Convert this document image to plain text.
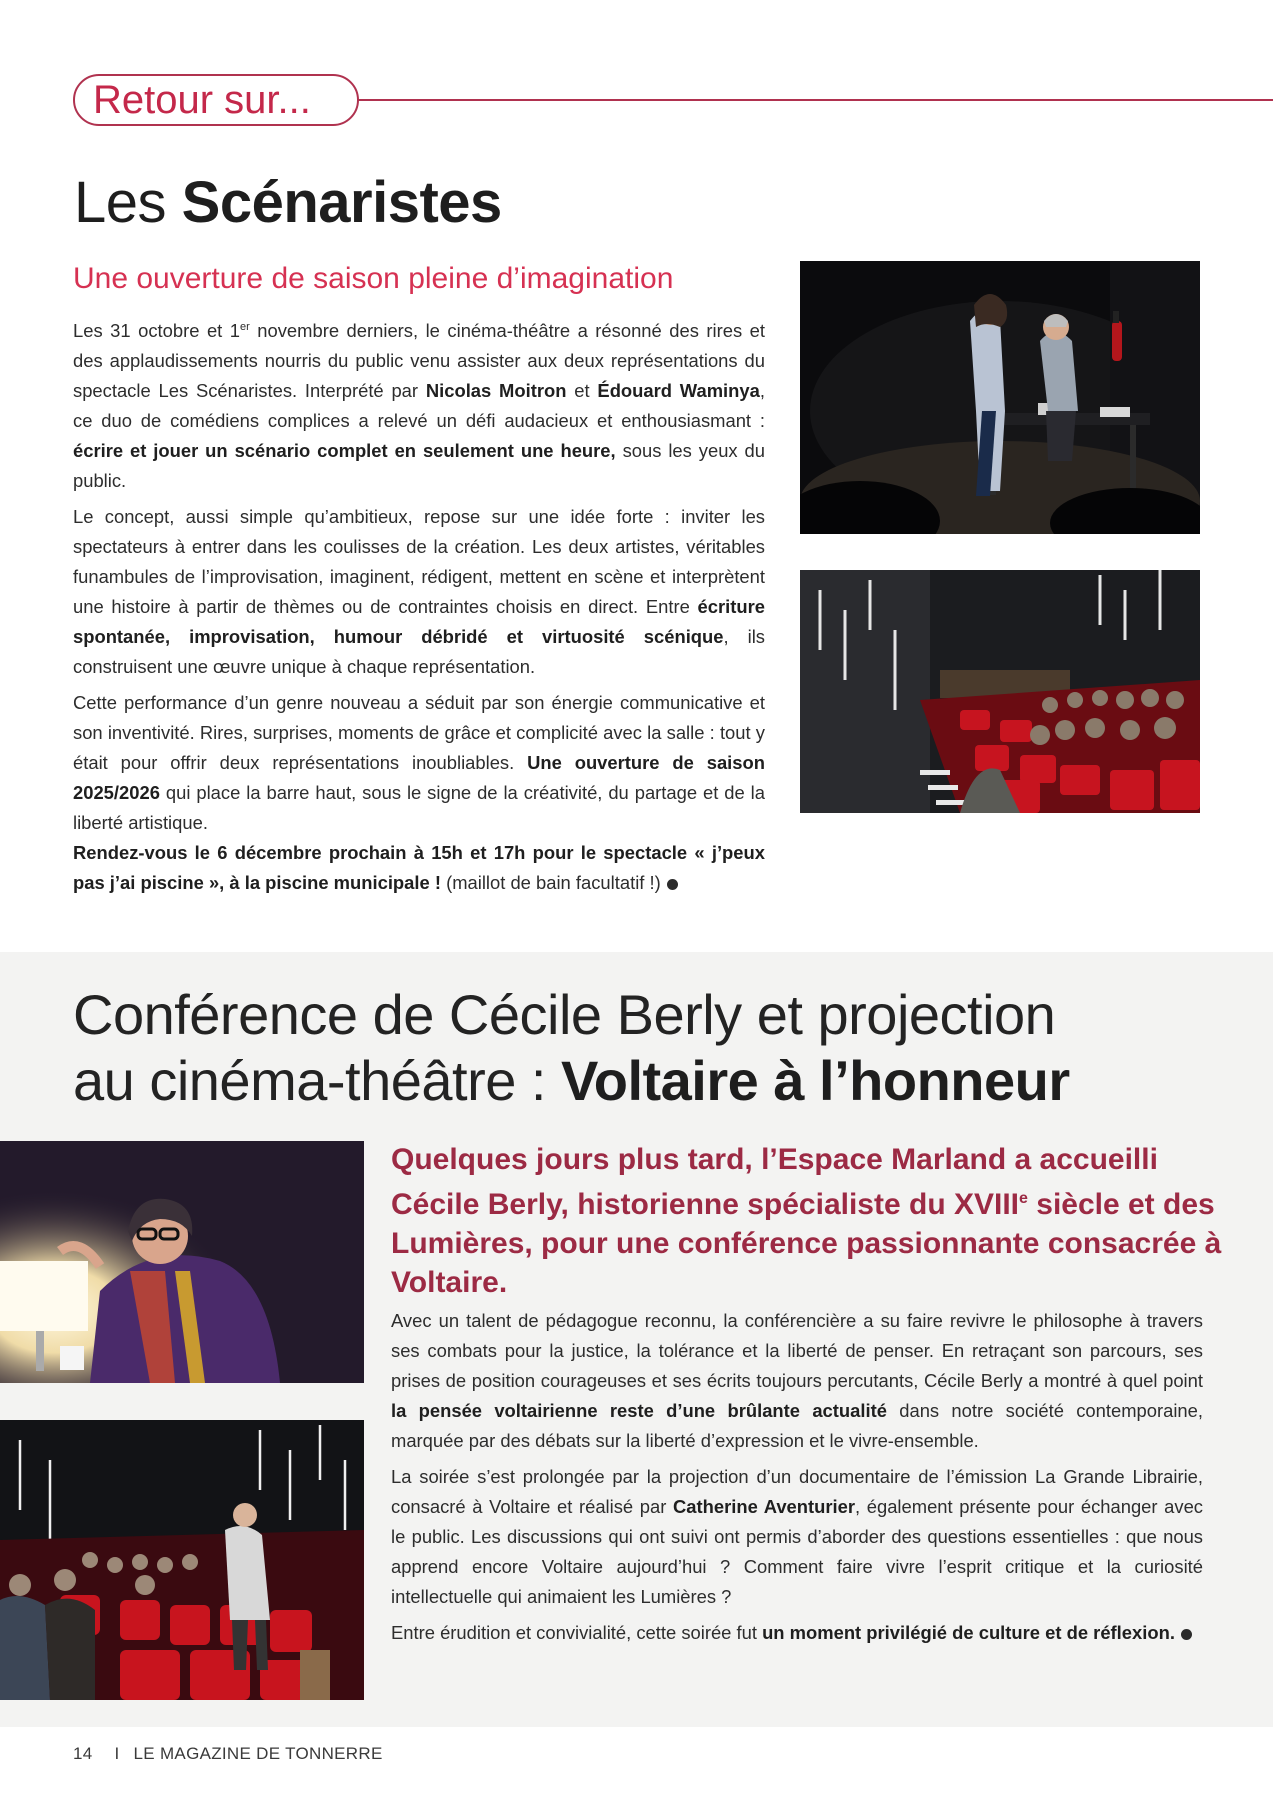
Retour sur...
Les Scénaristes
Une ouverture de saison pleine d’imagination

Les 31 octobre et 1er novembre derniers, le cinéma-théâtre a résonné des rires et des applaudissements nourris du public venu assister aux deux représentations du spectacle Les Scénaristes. Interprété par Nicolas Moitron et Édouard Waminya, ce duo de comédiens complices a relevé un défi audacieux et enthousiasmant : écrire et jouer un scénario complet en seulement une heure, sous les yeux du public.

Le concept, aussi simple qu’ambitieux, repose sur une idée forte : inviter les spectateurs à entrer dans les coulisses de la création. Les deux artistes, véritables funambules de l’improvisation, imaginent, rédigent, mettent en scène et interprètent une histoire à partir de thèmes ou de contraintes choisis en direct. Entre écriture spontanée, improvisation, humour débridé et virtuosité scénique, ils construisent une œuvre unique à chaque représentation.

Cette performance d’un genre nouveau a séduit par son énergie communicative et son inventivité. Rires, surprises, moments de grâce et complicité avec la salle : tout y était pour offrir deux représentations inoubliables. Une ouverture de saison 2025/2026 qui place la barre haut, sous le signe de la créativité, du partage et de la liberté artistique.
Rendez-vous le 6 décembre prochain à 15h et 17h pour le spectacle « j’peux pas j’ai piscine », à la piscine municipale ! (maillot de bain facultatif !)

Conférence de Cécile Berly et projection
au cinéma-théâtre : Voltaire à l’honneur
Quelques jours plus tard, l’Espace Marland a accueilli Cécile Berly, historienne spécialiste du XVIIIe siècle et des Lumières, pour une conférence passionnante consacrée à Voltaire.

Avec un talent de pédagogue reconnu, la conférencière a su faire revivre le philosophe à travers ses combats pour la justice, la tolérance et la liberté de penser. En retraçant son parcours, ses prises de position courageuses et ses écrits toujours percutants, Cécile Berly a montré à quel point la pensée voltairienne reste d’une brûlante actualité dans notre société contemporaine, marquée par des débats sur la liberté d’expression et le vivre-ensemble.

La soirée s’est prolongée par la projection d’un documentaire de l’émission La Grande Librairie, consacré à Voltaire et réalisé par Catherine Aventurier, également présente pour échanger avec le public. Les discussions qui ont suivi ont permis d’aborder des questions essentielles : que nous apprend encore Voltaire aujourd’hui ? Comment faire vivre l’esprit critique et la curiosité intellectuelle qui animaient les Lumières ?

Entre érudition et convivialité, cette soirée fut un moment privilégié de culture et de réflexion.

14 I LE MAGAZINE DE TONNERRE
